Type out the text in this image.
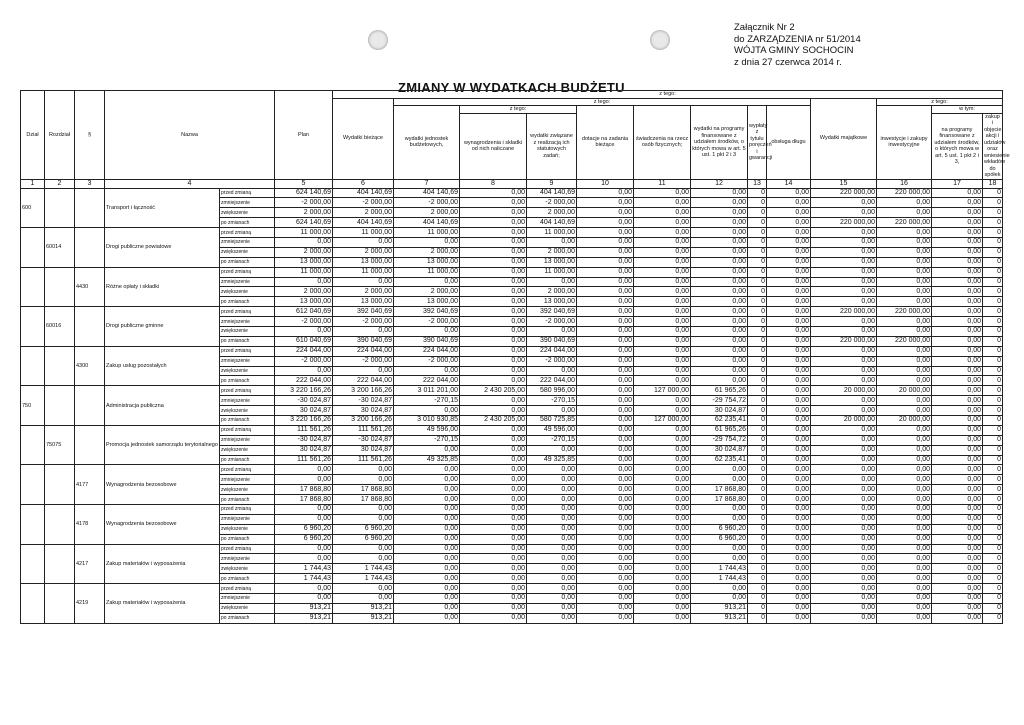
ZMIANY W WYDATKACH BUDŻETU
Załącznik Nr 2
do ZARZĄDZENIA nr 51/2014
WÓJTA GMINY SOCHOCIN
z dnia 27 czerwca 2014 r.
Dział	Rozdział	§	Nazwa		Plan	z tego:												
						Wydatki bieżące	z tego:								Wydatki majątkowe	z tego:		
							wydatki jednostek budżetowych,	z tego:		dotacje na zadania bieżące	świadczenia na rzecz osób fizycznych;	wydatki na programy finansowane z udziałem środków, o których mowa w art. 5 ust. 1 pkt 2 i 3	wypłaty z tytułu poręczeń i gwarancji	obsługa długu		inwestycje i zakupy inwestycyjne	w tym:	
								wynagrodzenia i składki od nich naliczane	wydatki związane z realizacją ich statutowych zadań;								na programy finansowane z udziałem środków, o których mowa w art. 5 ust. 1 pkt 2 i 3,	zakup i objęcie akcji i udziałów oraz wniesienie wkładów do spółek
1	2	3	4		5	6	7	8	9	10	11	12	13	14	15	16	17	18
600			Transport i łączność	przed zmianą	624 140,69	404 140,69	404 140,69	0,00	404 140,69	0,00	0,00	0,00	0	0,00	220 000,00	220 000,00	0,00	0
				zmniejszenie	-2 000,00	-2 000,00	-2 000,00	0,00	-2 000,00	0,00	0,00	0,00	0	0,00	0,00	0,00	0,00	0
				zwiększenie	2 000,00	2 000,00	2 000,00	0,00	2 000,00	0,00	0,00	0,00	0	0,00	0,00	0,00	0,00	0
				po zmianach	624 140,69	404 140,69	404 140,69	0,00	404 140,69	0,00	0,00	0,00	0	0,00	220 000,00	220 000,00	0,00	0
	60014		Drogi publiczne powiatowe	przed zmianą	11 000,00	11 000,00	11 000,00	0,00	11 000,00	0,00	0,00	0,00	0	0,00	0,00	0,00	0,00	0
				zmniejszenie	0,00	0,00	0,00	0,00	0,00	0,00	0,00	0,00	0	0,00	0,00	0,00	0,00	0
				zwiększenie	2 000,00	2 000,00	2 000,00	0,00	2 000,00	0,00	0,00	0,00	0	0,00	0,00	0,00	0,00	0
				po zmianach	13 000,00	13 000,00	13 000,00	0,00	13 000,00	0,00	0,00	0,00	0	0,00	0,00	0,00	0,00	0
		4430	Różne opłaty i składki	przed zmianą	11 000,00	11 000,00	11 000,00	0,00	11 000,00	0,00	0,00	0,00	0	0,00	0,00	0,00	0,00	0
				zmniejszenie	0,00	0,00	0,00	0,00	0,00	0,00	0,00	0,00	0	0,00	0,00	0,00	0,00	0
				zwiększenie	2 000,00	2 000,00	2 000,00	0,00	2 000,00	0,00	0,00	0,00	0	0,00	0,00	0,00	0,00	0
				po zmianach	13 000,00	13 000,00	13 000,00	0,00	13 000,00	0,00	0,00	0,00	0	0,00	0,00	0,00	0,00	0
	60016		Drogi publiczne gminne	przed zmianą	612 040,69	392 040,69	392 040,69	0,00	392 040,69	0,00	0,00	0,00	0	0,00	220 000,00	220 000,00	0,00	0
				zmniejszenie	-2 000,00	-2 000,00	-2 000,00	0,00	-2 000,00	0,00	0,00	0,00	0	0,00	0,00	0,00	0,00	0
				zwiększenie	0,00	0,00	0,00	0,00	0,00	0,00	0,00	0,00	0	0,00	0,00	0,00	0,00	0
				po zmianach	610 040,69	390 040,69	390 040,69	0,00	390 040,69	0,00	0,00	0,00	0	0,00	220 000,00	220 000,00	0,00	0
		4300	Zakup usług pozostałych	przed zmianą	224 044,00	224 044,00	224 044,00	0,00	224 044,00	0,00	0,00	0,00	0	0,00	0,00	0,00	0,00	0
				zmniejszenie	-2 000,00	-2 000,00	-2 000,00	0,00	-2 000,00	0,00	0,00	0,00	0	0,00	0,00	0,00	0,00	0
				zwiększenie	0,00	0,00	0,00	0,00	0,00	0,00	0,00	0,00	0	0,00	0,00	0,00	0,00	0
				po zmianach	222 044,00	222 044,00	222 044,00	0,00	222 044,00	0,00	0,00	0,00	0	0,00	0,00	0,00	0,00	0
750			Administracja publiczna	przed zmianą	3 220 166,26	3 200 166,26	3 011 201,00	2 430 205,00	580 996,00	0,00	127 000,00	61 965,26	0	0,00	20 000,00	20 000,00	0,00	0
				zmniejszenie	-30 024,87	-30 024,87	-270,15	0,00	-270,15	0,00	0,00	-29 754,72	0	0,00	0,00	0,00	0,00	0
				zwiększenie	30 024,87	30 024,87	0,00	0,00	0,00	0,00	0,00	30 024,87	0	0,00	0,00	0,00	0,00	0
				po zmianach	3 220 166,26	3 200 166,26	3 010 930,85	2 430 205,00	580 725,85	0,00	127 000,00	62 235,41	0	0,00	20 000,00	20 000,00	0,00	0
	75075		Promocja jednostek samorządu terytorialnego	przed zmianą	111 561,26	111 561,26	49 596,00	0,00	49 596,00	0,00	0,00	61 965,26	0	0,00	0,00	0,00	0,00	0
				zmniejszenie	-30 024,87	-30 024,87	-270,15	0,00	-270,15	0,00	0,00	-29 754,72	0	0,00	0,00	0,00	0,00	0
				zwiększenie	30 024,87	30 024,87	0,00	0,00	0,00	0,00	0,00	30 024,87	0	0,00	0,00	0,00	0,00	0
				po zmianach	111 561,26	111 561,26	49 325,85	0,00	49 325,85	0,00	0,00	62 235,41	0	0,00	0,00	0,00	0,00	0
		4177	Wynagrodzenia bezosobowe	przed zmianą	0,00	0,00	0,00	0,00	0,00	0,00	0,00	0,00	0	0,00	0,00	0,00	0,00	0
				zmniejszenie	0,00	0,00	0,00	0,00	0,00	0,00	0,00	0,00	0	0,00	0,00	0,00	0,00	0
				zwiększenie	17 868,80	17 868,80	0,00	0,00	0,00	0,00	0,00	17 868,80	0	0,00	0,00	0,00	0,00	0
				po zmianach	17 868,80	17 868,80	0,00	0,00	0,00	0,00	0,00	17 868,80	0	0,00	0,00	0,00	0,00	0
		4178	Wynagrodzenia bezosobowe	przed zmianą	0,00	0,00	0,00	0,00	0,00	0,00	0,00	0,00	0	0,00	0,00	0,00	0,00	0
				zmniejszenie	0,00	0,00	0,00	0,00	0,00	0,00	0,00	0,00	0	0,00	0,00	0,00	0,00	0
				zwiększenie	6 960,20	6 960,20	0,00	0,00	0,00	0,00	0,00	6 960,20	0	0,00	0,00	0,00	0,00	0
				po zmianach	6 960,20	6 960,20	0,00	0,00	0,00	0,00	0,00	6 960,20	0	0,00	0,00	0,00	0,00	0
		4217	Zakup materiałów i wyposażenia	przed zmianą	0,00	0,00	0,00	0,00	0,00	0,00	0,00	0,00	0	0,00	0,00	0,00	0,00	0
				zmniejszenie	0,00	0,00	0,00	0,00	0,00	0,00	0,00	0,00	0	0,00	0,00	0,00	0,00	0
				zwiększenie	1 744,43	1 744,43	0,00	0,00	0,00	0,00	0,00	1 744,43	0	0,00	0,00	0,00	0,00	0
				po zmianach	1 744,43	1 744,43	0,00	0,00	0,00	0,00	0,00	1 744,43	0	0,00	0,00	0,00	0,00	0
		4219	Zakup materiałów i wyposażenia	przed zmianą	0,00	0,00	0,00	0,00	0,00	0,00	0,00	0,00	0	0,00	0,00	0,00	0,00	0
				zmniejszenie	0,00	0,00	0,00	0,00	0,00	0,00	0,00	0,00	0	0,00	0,00	0,00	0,00	0
				zwiększenie	913,21	913,21	0,00	0,00	0,00	0,00	0,00	913,21	0	0,00	0,00	0,00	0,00	0
				po zmianach	913,21	913,21	0,00	0,00	0,00	0,00	0,00	913,21	0	0,00	0,00	0,00	0,00	0
